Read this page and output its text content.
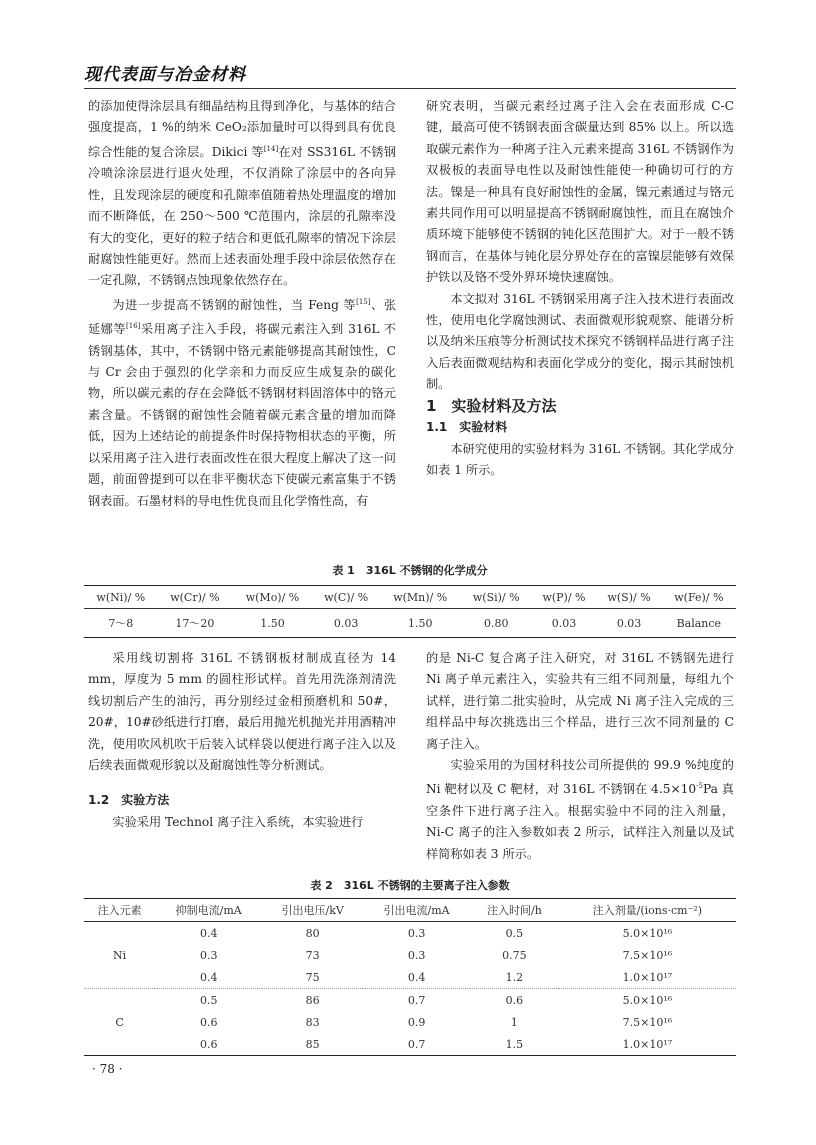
现代表面与冶金材料

的添加使得涂层具有细晶结构且得到净化，与基体的结合强度提高，1 %的纳米 CeO₂添加量时可以得到具有优良综合性能的复合涂层。Dikici 等[14]在对 SS316L 不锈钢冷喷涂涂层进行退火处理，不仅消除了涂层中的各向异性，且发现涂层的硬度和孔隙率值随着热处理温度的增加而不断降低，在 250～500 ℃范围内，涂层的孔隙率没有大的变化，更好的粒子结合和更低孔隙率的情况下涂层耐腐蚀性能更好。然而上述表面处理手段中涂层依然存在一定孔隙，不锈钢点蚀现象依然存在。

为进一步提高不锈钢的耐蚀性，当 Feng 等[15]、张延娜等[16]采用离子注入手段，将碳元素注入到 316L 不锈钢基体，其中，不锈钢中铬元素能够提高其耐蚀性，C 与 Cr 会由于强烈的化学亲和力而反应生成复杂的碳化物，所以碳元素的存在会降低不锈钢材料固溶体中的铬元素含量。不锈钢的耐蚀性会随着碳元素含量的增加而降低，因为上述结论的前提条件时保持物相状态的平衡，所以采用离子注入进行表面改性在很大程度上解决了这一问题，前面曾提到可以在非平衡状态下使碳元素富集于不锈钢表面。石墨材料的导电性优良而且化学惰性高，有

研究表明，当碳元素经过离子注入会在表面形成 C-C 键，最高可使不锈钢表面含碳量达到 85% 以上。所以选取碳元素作为一种离子注入元素来提高 316L 不锈钢作为双极板的表面导电性以及耐蚀性能使一种确切可行的方法。镍是一种具有良好耐蚀性的金属，镍元素通过与铬元素共同作用可以明显提高不锈钢耐腐蚀性，而且在腐蚀介质环境下能够使不锈钢的钝化区范围扩大。对于一般不锈钢而言，在基体与钝化层分界处存在的富镍层能够有效保护铁以及铬不受外界环境快速腐蚀。

本文拟对 316L 不锈钢采用离子注入技术进行表面改性，使用电化学腐蚀测试、表面微观形貌观察、能谱分析以及纳米压痕等分析测试技术探究不锈钢样品进行离子注入后表面微观结构和表面化学成分的变化，揭示其耐蚀机制。

1　实验材料及方法

1.1　实验材料

本研究使用的实验材料为 316L 不锈钢。其化学成分如表 1 所示。

表 1　316L 不锈钢的化学成分
w(Ni)/ %	w(Cr)/ %	w(Mo)/ %	w(C)/ %	w(Mn)/ %	w(Si)/ %	w(P)/ %	w(S)/ %	w(Fe)/ %
7～8	17～20	1.50	0.03	1.50	0.80	0.03	0.03	Balance

采用线切割将 316L 不锈钢板材制成直径为 14 mm，厚度为 5 mm 的圆柱形试样。首先用洗涤剂清洗线切割后产生的油污，再分别经过金相预磨机和 50#，20#，10#砂纸进行打磨，最后用抛光机抛光并用酒精冲洗，使用吹风机吹干后装入试样袋以便进行离子注入以及后续表面微观形貌以及耐腐蚀性等分析测试。

1.2　实验方法

实验采用 Technol 离子注入系统，本实验进行

的是 Ni-C 复合离子注入研究，对 316L 不锈钢先进行 Ni 离子单元素注入，实验共有三组不同剂量，每组九个试样，进行第二批实验时，从完成 Ni 离子注入完成的三组样品中每次挑选出三个样品，进行三次不同剂量的 C 离子注入。

实验采用的为国材科技公司所提供的 99.9 %纯度的 Ni 靶材以及 C 靶材，对 316L 不锈钢在 $4.5\times 10^{-5}Pa$ 真空条件下进行离子注入。根据实验中不同的注入剂量，Ni-C 离子的注入参数如表 2 所示，试样注入剂量以及试样简称如表 3 所示。

表 2　316L 不锈钢的主要离子注入参数
注入元素	抑制电流/mA	引出电压/kV	引出电流/mA	注入时间/h	注入剂量/(ions·cm⁻²)
Ni	0.4	80	0.3	0.5	5.0×10¹⁶
	0.3	73	0.3	0.75	7.5×10¹⁶
	0.4	75	0.4	1.2	1.0×10¹⁷
C	0.5	86	0.7	0.6	5.0×10¹⁶
	0.6	83	0.9	1	7.5×10¹⁶
	0.6	85	0.7	1.5	1.0×10¹⁷
· 78 ·
